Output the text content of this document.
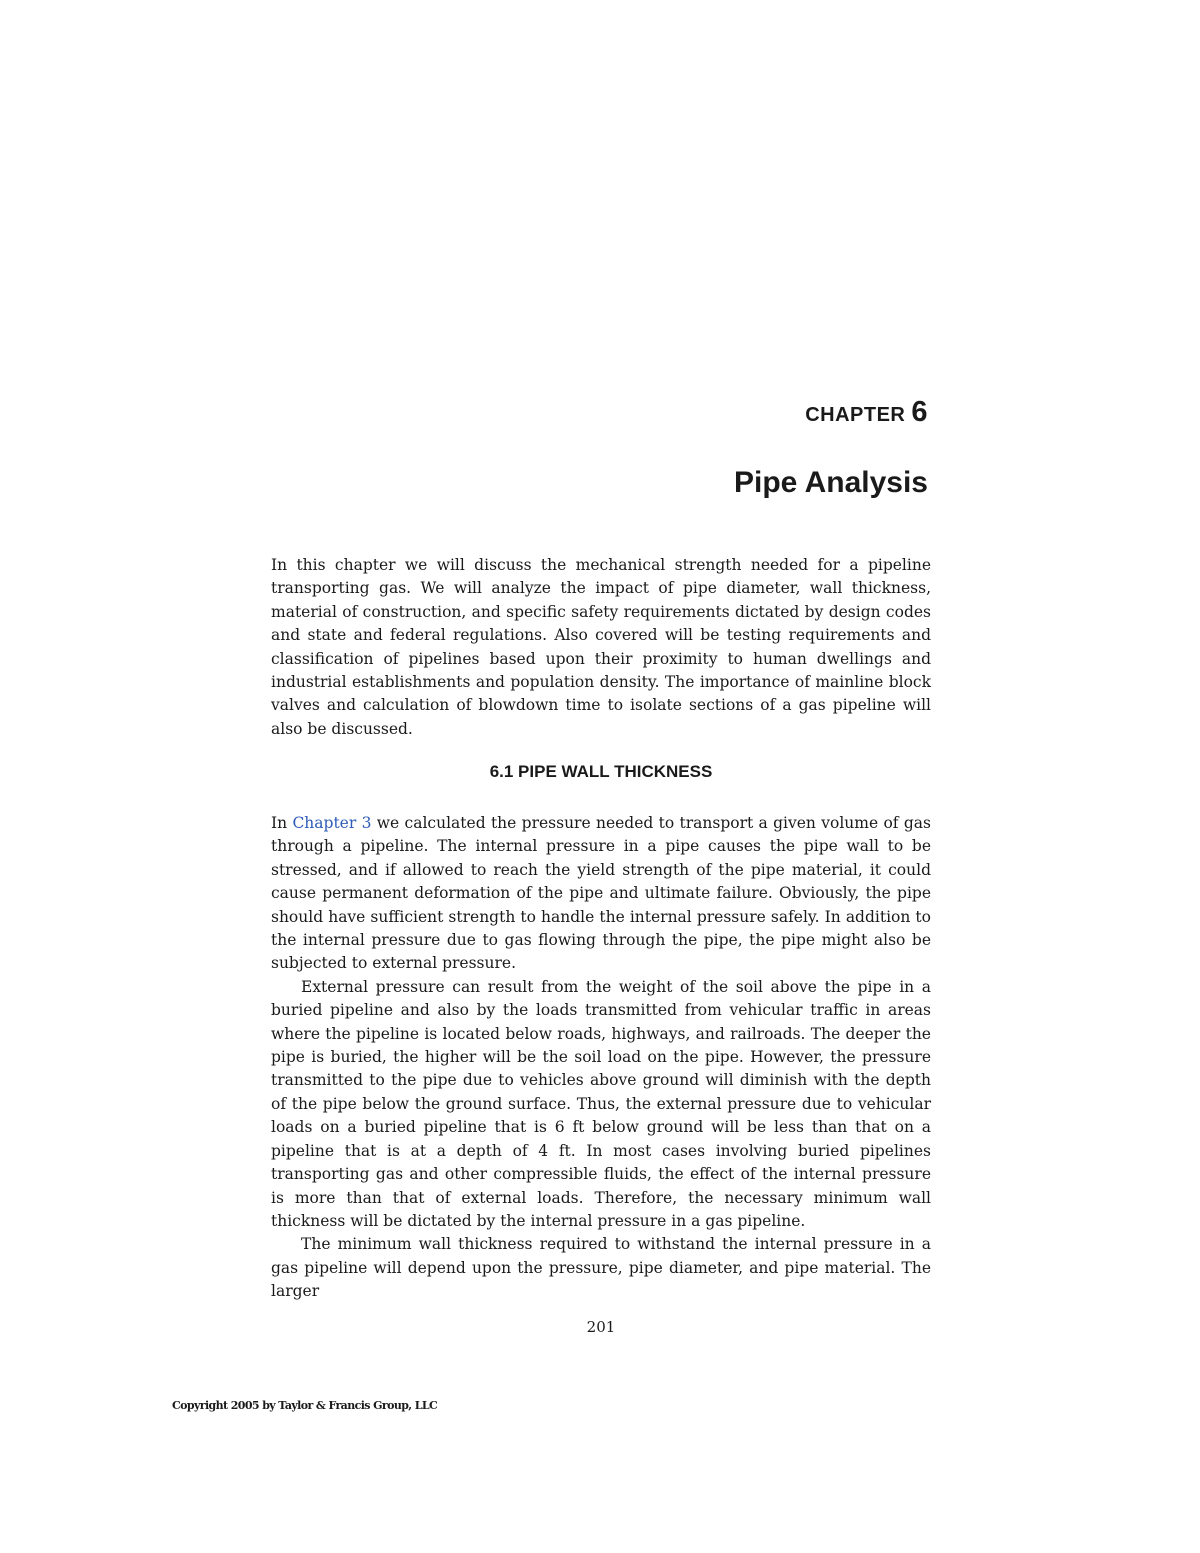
CHAPTER 6
Pipe Analysis

In this chapter we will discuss the mechanical strength needed for a pipeline transporting gas. We will analyze the impact of pipe diameter, wall thickness, material of construction, and specific safety requirements dictated by design codes and state and federal regulations. Also covered will be testing requirements and classification of pipelines based upon their proximity to human dwellings and industrial establishments and population density. The importance of mainline block valves and calculation of blowdown time to isolate sections of a gas pipeline will also be discussed.

6.1 PIPE WALL THICKNESS

In Chapter 3 we calculated the pressure needed to transport a given volume of gas through a pipeline. The internal pressure in a pipe causes the pipe wall to be stressed, and if allowed to reach the yield strength of the pipe material, it could cause permanent deformation of the pipe and ultimate failure. Obviously, the pipe should have sufficient strength to handle the internal pressure safely. In addition to the internal pressure due to gas flowing through the pipe, the pipe might also be subjected to external pressure.

External pressure can result from the weight of the soil above the pipe in a buried pipeline and also by the loads transmitted from vehicular traffic in areas where the pipeline is located below roads, highways, and railroads. The deeper the pipe is buried, the higher will be the soil load on the pipe. However, the pressure transmitted to the pipe due to vehicles above ground will diminish with the depth of the pipe below the ground surface. Thus, the external pressure due to vehicular loads on a buried pipeline that is 6 ft below ground will be less than that on a pipeline that is at a depth of 4 ft. In most cases involving buried pipelines transporting gas and other compressible fluids, the effect of the internal pressure is more than that of external loads. Therefore, the necessary minimum wall thickness will be dictated by the internal pressure in a gas pipeline.

The minimum wall thickness required to withstand the internal pressure in a gas pipeline will depend upon the pressure, pipe diameter, and pipe material. The larger

201
Copyright 2005 by Taylor & Francis Group, LLC
